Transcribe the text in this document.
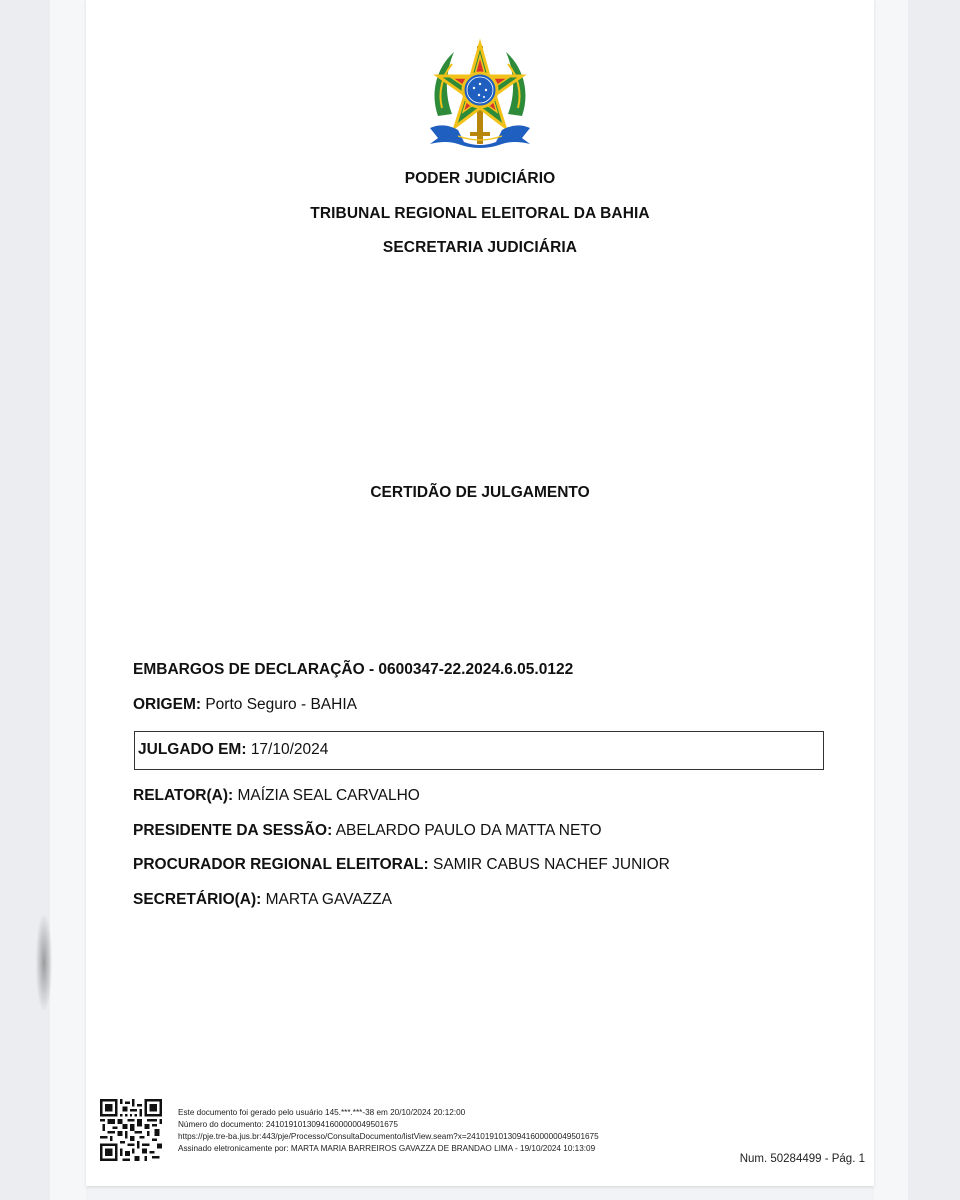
PODER JUDICIÁRIO
TRIBUNAL REGIONAL ELEITORAL DA BAHIA
SECRETARIA JUDICIÁRIA
CERTIDÃO DE JULGAMENTO
EMBARGOS DE DECLARAÇÃO - 0600347-22.2024.6.05.0122
ORIGEM: Porto Seguro - BAHIA
JULGADO EM: 17/10/2024
RELATOR(A): MAÍZIA SEAL CARVALHO
PRESIDENTE DA SESSÃO: ABELARDO PAULO DA MATTA NETO
PROCURADOR REGIONAL ELEITORAL: SAMIR CABUS NACHEF JUNIOR
SECRETÁRIO(A): MARTA GAVAZZA
Este documento foi gerado pelo usuário 145.***.***-38 em 20/10/2024 20:12:00
Número do documento: 24101910130941600000049501675
https://pje.tre-ba.jus.br:443/pje/Processo/ConsultaDocumento/listView.seam?x=24101910130941600000049501675
Assinado eletronicamente por: MARTA MARIA BARREIROS GAVAZZA DE BRANDAO LIMA - 19/10/2024 10:13:09
Num. 50284499 - Pág. 1
